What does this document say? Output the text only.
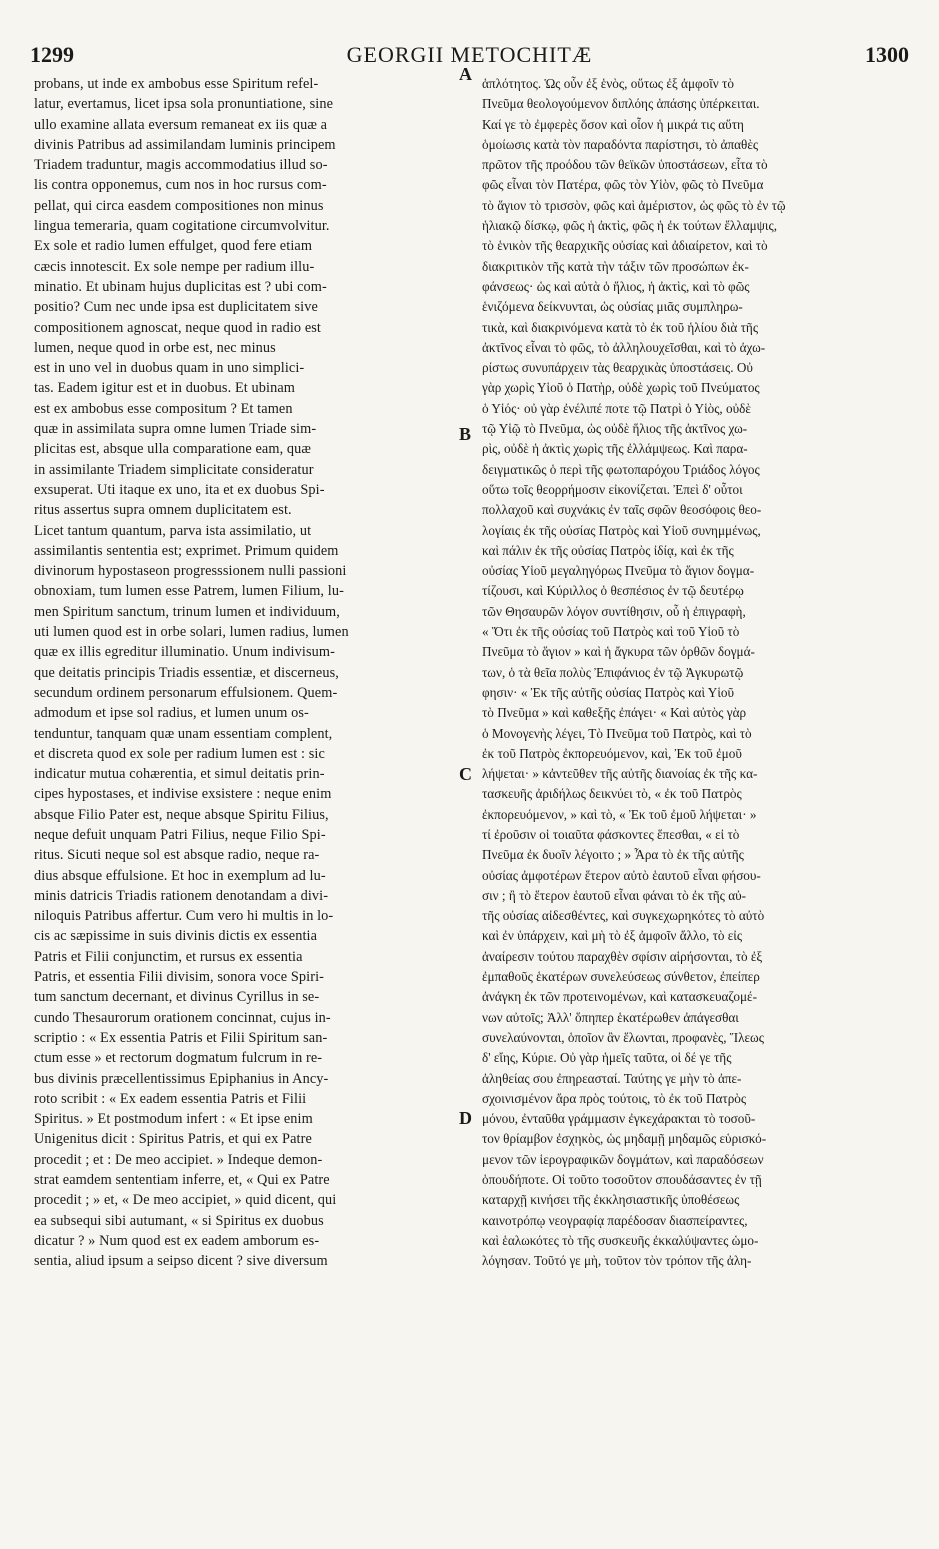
1299	GEORGII METOCHITÆ	1300
probans, ut inde ex ambobus esse Spiritum refel-
latur, evertamus, licet ipsa sola pronuntiatione, sine
ullo examine allata eversum remaneat ex iis quæ a
divinis Patribus ad assimilandam luminis principem
Triadem traduntur, magis accommodatius illud so-
lis contra opponemus, cum nos in hoc rursus com-
pellat, qui circa easdem compositiones non minus
lingua temeraria, quam cogitatione circumvolvitur.
Ex sole et radio lumen effulget, quod fere etiam
cæcis innotescit. Ex sole nempe per radium illu-
minatio. Et ubinam hujus duplicitas est ? ubi com-
positio? Cum nec unde ipsa est duplicitatem sive
compositionem agnoscat, neque quod in radio est
lumen, neque quod in orbe est, nec minus
est in uno vel in duobus quam in uno simplici-
tas. Eadem igitur est et in duobus. Et ubinam
est ex ambobus esse compositum ? Et tamen
quæ in assimilata supra omne lumen Triade sim-
plicitas est, absque ulla comparatione eam, quæ
in assimilante Triadem simplicitate consideratur
exsuperat. Uti itaque ex uno, ita et ex duobus Spi-
ritus assertus supra omnem duplicitatem est.
Licet tantum quantum, parva ista assimilatio, ut
assimilantis sententia est; exprimet. Primum quidem
divinorum hypostaseon progresssionem nulli passioni
obnoxiam, tum lumen esse Patrem, lumen Filium, lu-
men Spiritum sanctum, trinum lumen et individuum,
uti lumen quod est in orbe solari, lumen radius, lumen
quæ ex illis egreditur illuminatio. Unum indivisum-
que deitatis principis Triadis essentiæ, et discerneus,
secundum ordinem personarum effulsionem. Quem-
admodum et ipse sol radius, et lumen unum os-
tenduntur, tanquam quæ unam essentiam complent,
et discreta quod ex sole per radium lumen est : sic
indicatur mutua cohærentia, et simul deitatis prin-
cipes hypostases, et indivise exsistere : neque enim
absque Filio Pater est, neque absque Spiritu Filius,
neque defuit unquam Patri Filius, neque Filio Spi-
ritus. Sicuti neque sol est absque radio, neque ra-
dius absque effulsione. Et hoc in exemplum ad lu-
minis datricis Triadis rationem denotandam a divi-
niloquis Patribus affertur. Cum vero hi multis in lo-
cis ac sæpissime in suis divinis dictis ex essentia
Patris et Filii conjunctim, et rursus ex essentia
Patris, et essentia Filii divisim, sonora voce Spiri-
tum sanctum decernant, et divinus Cyrillus in se-
cundo Thesaurorum orationem concinnat, cujus in-
scriptio : « Ex essentia Patris et Filii Spiritum san-
ctum esse » et rectorum dogmatum fulcrum in re-
bus divinis præcellentissimus Epiphanius in Ancy-
roto scribit : « Ex eadem essentia Patris et Filii
Spiritus. » Et postmodum infert : « Et ipse enim
Unigenitus dicit : Spiritus Patris, et qui ex Patre
procedit ; et : De meo accipiet. » Indeque demon-
strat eamdem sententiam inferre, et, « Qui ex Patre
procedit ; » et, « De meo accipiet, » quid dicent, qui
ea subsequi sibi autumant, « si Spiritus ex duobus
dicatur ? » Num quod est ex eadem amborum es-
sentia, aliud ipsum a seipso dicent ? sive diversum
ἁπλότητος. Ὡς οὖν ἐξ ἑνὸς, οὕτως ἐξ ἀμφοῖν τὸ
Πνεῦμα θεολογούμενον διπλόης ἁπάσης ὑπέρκειται.
Καί γε τὸ ἐμφερὲς ὅσον καὶ οἷον ἡ μικρά τις αὕτη
ὁμοίωσις κατὰ τὸν παραδόντα παρίστησι, τὸ ἀπαθὲς
πρῶτον τῆς προόδου τῶν θεϊκῶν ὑποστάσεων, εἶτα τὸ
φῶς εἶναι τὸν Πατέρα, φῶς τὸν Υἱὸν, φῶς τὸ Πνεῦμα
τὸ ἅγιον τὸ τρισσὸν, φῶς καὶ ἀμέριστον, ὡς φῶς τὸ ἐν τῷ
ἡλιακῷ δίσκῳ, φῶς ἡ ἀκτὶς, φῶς ἡ ἐκ τούτων ἔλλαμψις,
τὸ ἑνικὸν τῆς θεαρχικῆς οὐσίας καὶ ἀδιαίρετον, καὶ τὸ
διακριτικὸν τῆς κατὰ τὴν τάξιν τῶν προσώπων ἐκ-
φάνσεως· ὡς καὶ αὐτὰ ὁ ἥλιος, ἡ ἀκτὶς, καὶ τὸ φῶς
ἑνιζόμενα δείκνυνται, ὡς οὐσίας μιᾶς συμπληρω-
τικὰ, καὶ διακρινόμενα κατὰ τὸ ἐκ τοῦ ἡλίου διὰ τῆς
ἀκτῖνος εἶναι τὸ φῶς, τὸ ἀλληλουχεῖσθαι, καὶ τὸ ἀχω-
ρίστως συνυπάρχειν τὰς θεαρχικὰς ὑποστάσεις. Οὐ
γὰρ χωρὶς Υἱοῦ ὁ Πατὴρ, οὐδὲ χωρὶς τοῦ Πνεύματος
ὁ Υἱός· οὐ γὰρ ἐνέλιπέ ποτε τῷ Πατρὶ ὁ Υἱὸς, οὐδὲ
τῷ Υἱῷ τὸ Πνεῦμα, ὡς οὐδὲ ἥλιος τῆς ἀκτῖνος χω-
ρὶς, οὐδὲ ἡ ἀκτὶς χωρὶς τῆς ἐλλάμψεως. Καὶ παρα-
δειγματικῶς ὁ περὶ τῆς φωτοπαρόχου Τριάδος λόγος
οὕτω τοῖς θεορρήμοσιν εἰκονίζεται. Ἐπεὶ δ' οὗτοι
πολλαχοῦ καὶ συχνάκις ἐν ταῖς σφῶν θεοσόφοις θεο-
λογίαις ἐκ τῆς οὐσίας Πατρὸς καὶ Υἱοῦ συνημμένως,
καὶ πάλιν ἐκ τῆς οὐσίας Πατρὸς ἰδίᾳ, καὶ ἐκ τῆς
οὐσίας Υἱοῦ μεγαληγόρως Πνεῦμα τὸ ἅγιον δογμα-
τίζουσι, καὶ Κύριλλος ὁ θεσπέσιος ἐν τῷ δευτέρῳ
τῶν Θησαυρῶν λόγον συντίθησιν, οὗ ἡ ἐπιγραφὴ,
« Ὅτι ἐκ τῆς οὐσίας τοῦ Πατρὸς καὶ τοῦ Υἱοῦ τὸ
Πνεῦμα τὸ ἅγιον » καὶ ἡ ἄγκυρα τῶν ὀρθῶν δογμά-
των, ὁ τὰ θεῖα πολὺς Ἐπιφάνιος ἐν τῷ Ἀγκυρωτῷ
φησιν· « Ἐκ τῆς αὐτῆς οὐσίας Πατρὸς καὶ Υἱοῦ
τὸ Πνεῦμα » καὶ καθεξῆς ἐπάγει· « Καὶ αὐτὸς γὰρ
ὁ Μονογενὴς λέγει, Τὸ Πνεῦμα τοῦ Πατρὸς, καὶ τὸ
ἐκ τοῦ Πατρὸς ἐκπορευόμενον, καὶ, Ἐκ τοῦ ἐμοῦ
λήψεται· » κἀντεῦθεν τῆς αὐτῆς διανοίας ἐκ τῆς κα-
τασκευῆς ἀριδήλως δεικνύει τὸ, « ἐκ τοῦ Πατρὸς
ἐκπορευόμενον, » καὶ τὸ, « Ἐκ τοῦ ἐμοῦ λήψεται· »
τί ἐροῦσιν οἱ τοιαῦτα φάσκοντες ἕπεσθαι, « εἰ τὸ
Πνεῦμα ἐκ δυοῖν λέγοιτο ; » Ἆρα τὸ ἐκ τῆς αὐτῆς
οὐσίας ἀμφοτέρων ἕτερον αὐτὸ ἑαυτοῦ εἶναι φήσου-
σιν ; ἢ τὸ ἕτερον ἑαυτοῦ εἶναι φάναι τὸ ἐκ τῆς αὐ-
τῆς οὐσίας αἰδεσθέντες, καὶ συγκεχωρηκότες τὸ αὐτὸ
καὶ ἐν ὑπάρχειν, καὶ μὴ τὸ ἐξ ἀμφοῖν ἄλλο, τὸ εἰς
ἀναίρεσιν τούτου παραχθὲν σφίσιν αἱρήσονται, τὸ ἐξ
ἐμπαθοῦς ἑκατέρων συνελεύσεως σύνθετον, ἐπείπερ
ἀνάγκη ἐκ τῶν προτεινομένων, καὶ κατασκευαζομέ-
νων αὐτοῖς; Ἀλλ' ὅπηπερ ἑκατέρωθεν ἀπάγεσθαι
συνελαύνονται, ὁποῖον ἂν ἕλωνται, προφανὲς, Ἵλεως
δ' εἴης, Κύριε. Οὐ γὰρ ἡμεῖς ταῦτα, οἱ δέ γε τῆς
ἀληθείας σου ἐπηρεασταί. Ταύτης γε μὴν τὸ ἀπε-
σχοινισμένον ἄρα πρὸς τούτοις, τὸ ἐκ τοῦ Πατρὸς
μόνου, ἐνταῦθα γράμμασιν ἐγκεχάρακται τὸ τοσοῦ-
τον θρίαμβον ἐσχηκὸς, ὡς μηδαμῇ μηδαμῶς εὑρισκό-
μενον τῶν ἱερογραφικῶν δογμάτων, καὶ παραδόσεων
ὁπουδήποτε. Οἱ τοῦτο τοσοῦτον σπουδάσαντες ἐν τῇ
καταρχῇ κινήσει τῆς ἐκκλησιαστικῆς ὑποθέσεως
καινοτρόπῳ νεογραφίᾳ παρέδοσαν διασπείραντες,
καὶ ἑαλωκότες τὸ τῆς συσκευῆς ἐκκαλύψαντες ὡμο-
λόγησαν. Τοῦτό γε μὴ, τοῦτον τὸν τρόπον τῆς ἀλη-
A
B
C
D
